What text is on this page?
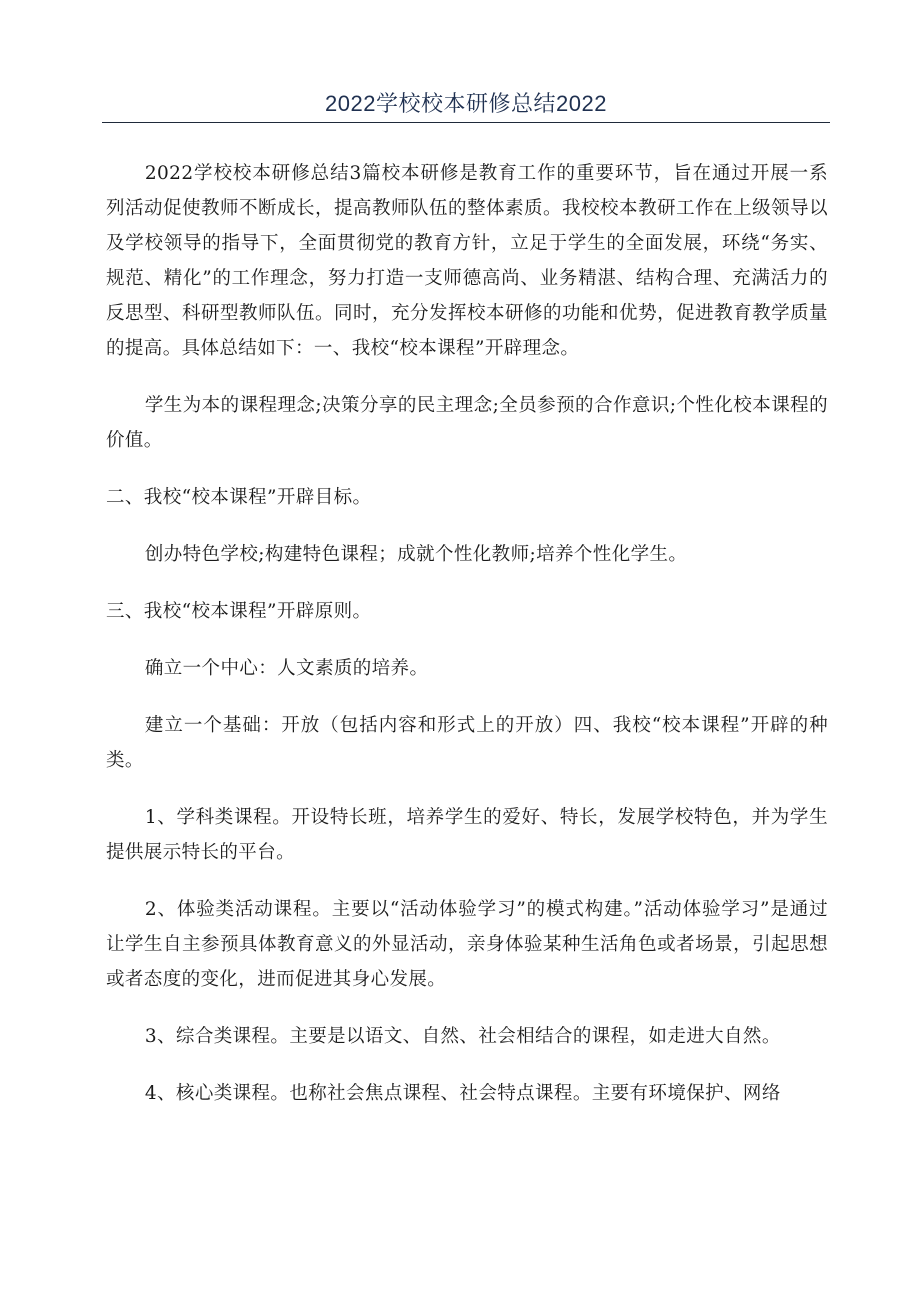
2022学校校本研修总结2022

2022学校校本研修总结3篇校本研修是教育工作的重要环节，旨在通过开展一系列活动促使教师不断成长，提高教师队伍的整体素质。我校校本教研工作在上级领导以及学校领导的指导下，全面贯彻党的教育方针，立足于学生的全面发展，环绕“务实、规范、精化”的工作理念，努力打造一支师德高尚、业务精湛、结构合理、充满活力的反思型、科研型教师队伍。同时，充分发挥校本研修的功能和优势，促进教育教学质量的提高。具体总结如下：一、我校“校本课程”开辟理念。

学生为本的课程理念;决策分享的民主理念;全员参预的合作意识;个性化校本课程的价值。

二、我校“校本课程”开辟目标。

创办特色学校;构建特色课程；成就个性化教师;培养个性化学生。

三、我校“校本课程”开辟原则。

确立一个中心：人文素质的培养。

建立一个基础：开放（包括内容和形式上的开放）四、我校“校本课程”开辟的种类。

1、学科类课程。开设特长班，培养学生的爱好、特长，发展学校特色，并为学生提供展示特长的平台。

2、体验类活动课程。主要以“活动体验学习”的模式构建。”活动体验学习”是通过让学生自主参预具体教育意义的外显活动，亲身体验某种生活角色或者场景，引起思想或者态度的变化，进而促进其身心发展。

3、综合类课程。主要是以语文、自然、社会相结合的课程，如走进大自然。

4、核心类课程。也称社会焦点课程、社会特点课程。主要有环境保护、网络
